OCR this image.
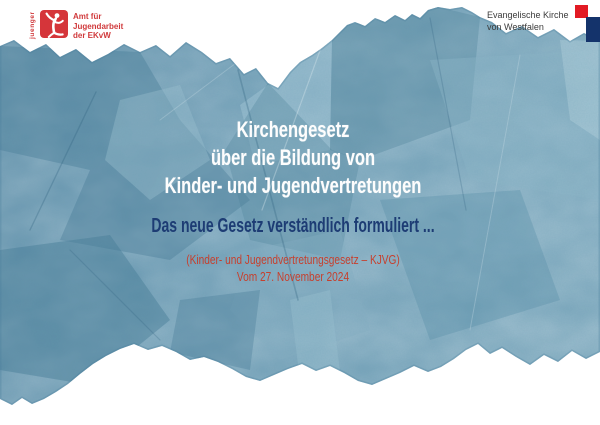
juenger	Amt für
Jugendarbeit
der EKvW
Evangelische Kirche
von Westfalen
Kirchengesetz
über die Bildung von
Kinder- und Jugendvertretungen
Das neue Gesetz verständlich formuliert ...
(Kinder- und Jugendvertretungsgesetz – KJVG)
Vom 27. November 2024
